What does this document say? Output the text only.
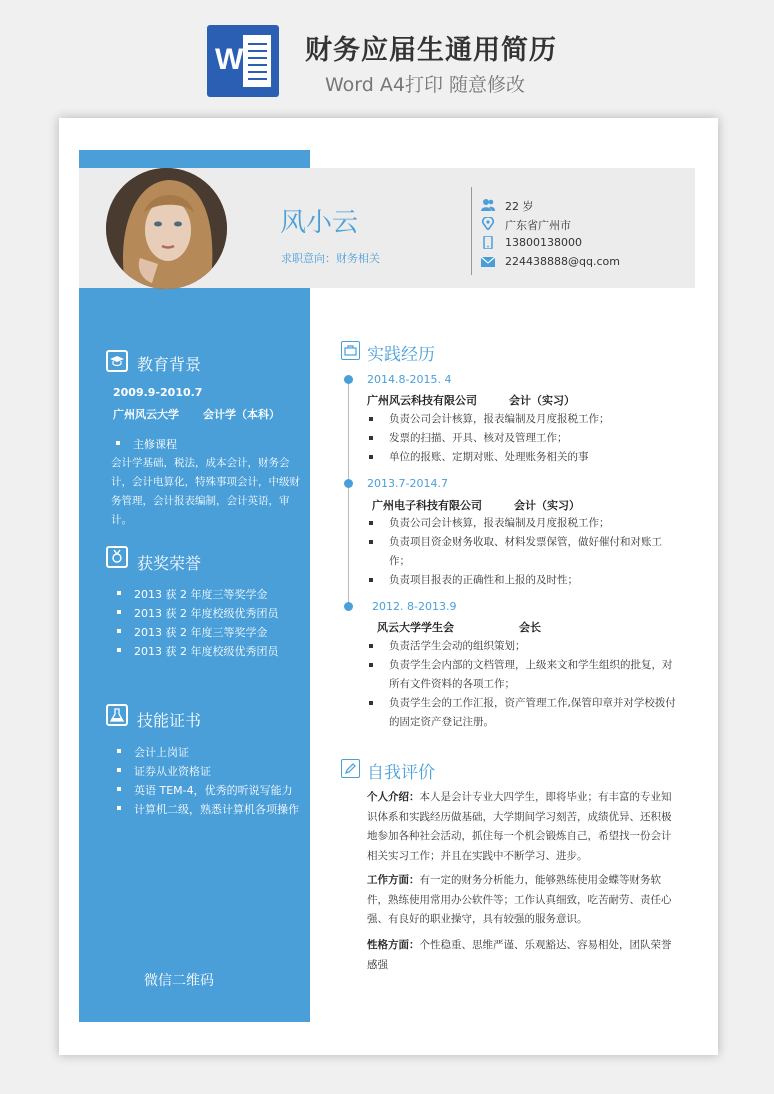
W 财务应届生通用简历
Word A4打印 随意修改
风小云
求职意向：财务相关
22 岁
广东省广州市
13800138000
224438888@qq.com
教育背景
2009.9-2010.7
广州风云大学 会计学（本科）
主修课程
会计学基础，税法，成本会计，财务会计，会计电算化，特殊事项会计，中级财务管理，会计报表编制，会计英语，审计。
获奖荣誉
2013 获 2 年度三等奖学金
2013 获 2 年度校级优秀团员
2013 获 2 年度三等奖学金
2013 获 2 年度校级优秀团员
技能证书
会计上岗证
证券从业资格证
英语 TEM-4，优秀的听说写能力
计算机二级，熟悉计算机各项操作
微信二维码
实践经历
2014.8-2015. 4
广州风云科技有限公司	会计（实习）
负责公司会计核算，报表编制及月度报税工作；
发票的扫描、开具、核对及管理工作；
单位的报账、定期对账、处理账务相关的事
2013.7-2014.7
广州电子科技有限公司	会计（实习）
负责公司会计核算，报表编制及月度报税工作；
负责项目资金财务收取、材料发票保管，做好催付和对账工作；
负责项目报表的正确性和上报的及时性；
2012. 8-2013.9
风云大学学生会	会长
负责活学生会动的组织策划；
负责学生会内部的文档管理，上级来文和学生组织的批复，对所有文件资料的各项工作；
负责学生会的工作汇报，资产管理工作,保管印章并对学校拨付的固定资产登记注册。
自我评价
个人介绍：本人是会计专业大四学生，即将毕业；有丰富的专业知识体系和实践经历做基础，大学期间学习刻苦，成绩优异、还积极地参加各种社会活动，抓住每一个机会锻炼自己，希望找一份会计相关实习工作；并且在实践中不断学习、进步。
工作方面：有一定的财务分析能力，能够熟练使用金蝶等财务软件，熟练使用常用办公软件等；工作认真细致，吃苦耐劳、责任心强、有良好的职业操守，具有较强的服务意识。
性格方面：个性稳重、思维严谨、乐观豁达、容易相处，团队荣誉感强
